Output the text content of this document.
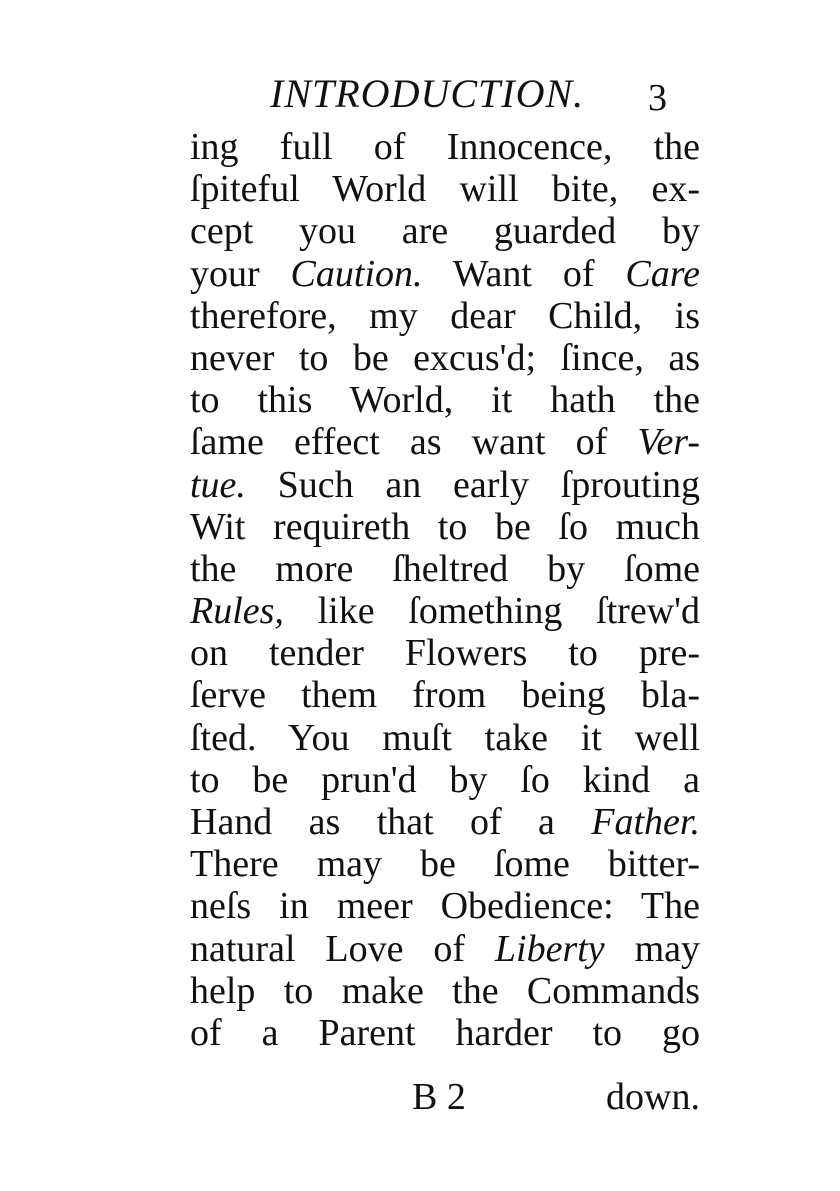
INTRODUCTION. 3
ing full of Innocence, the
ſpiteful World will bite, ex-
cept you are guarded by
your Caution. Want of Care
therefore, my dear Child, is
never to be excus'd; ſince, as
to this World, it hath the
ſame effect as want of Ver-
tue. Such an early ſprouting
Wit requireth to be ſo much
the more ſheltred by ſome
Rules, like ſomething ſtrew'd
on tender Flowers to pre-
ſerve them from being bla-
ſted. You muſt take it well
to be prun'd by ſo kind a
Hand as that of a Father.
There may be ſome bitter-
neſs in meer Obedience: The
natural Love of Liberty may
help to make the Commands
of a Parent harder to go
B 2	down.
